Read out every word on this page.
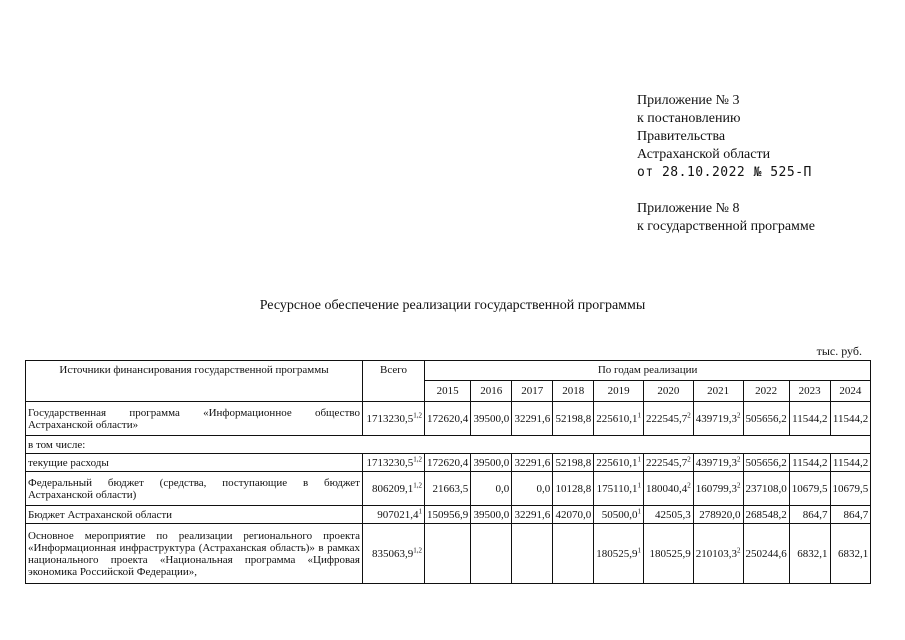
Приложение № 3
к постановлению
Правительства
Астраханской области
от 28.10.2022 № 525-П
Приложение № 8
к государственной программе
Ресурсное обеспечение реализации государственной программы
тыс. руб.
Источники финансирования государственной программы	Всего	По годам реализации									
		2015	2016	2017	2018	2019	2020	2021	2022	2023	2024
Государственная программа «Информационное общество Астраханской области»	1713230,5$^{1,2}$	172620,4	39500,0	32291,6	52198,8	225610,1$^1$	222545,7$^2$	439719,3$^2$	505656,2	11544,2	11544,2
в том числе:											
текущие расходы	1713230,5$^{1,2}$	172620,4	39500,0	32291,6	52198,8	225610,1$^1$	222545,7$^2$	439719,3$^2$	505656,2	11544,2	11544,2
Федеральный бюджет (средства, поступающие в бюджет Астраханской области)	806209,1$^{1,2}$	21663,5	0,0	0,0	10128,8	175110,1$^1$	180040,4$^2$	160799,3$^2$	237108,0	10679,5	10679,5
Бюджет Астраханской области	907021,4$^1$	150956,9	39500,0	32291,6	42070,0	50500,0$^1$	42505,3	278920,0	268548,2	864,7	864,7
Основное мероприятие по реализации регионального проекта «Информационная инфраструктура (Астраханская область)» в рамках национального проекта «Национальная программа «Цифровая экономика Российской Федерации»,	835063,9$^{1,2}$					180525,9$^1$	180525,9	210103,3$^2$	250244,6	6832,1	6832,1
